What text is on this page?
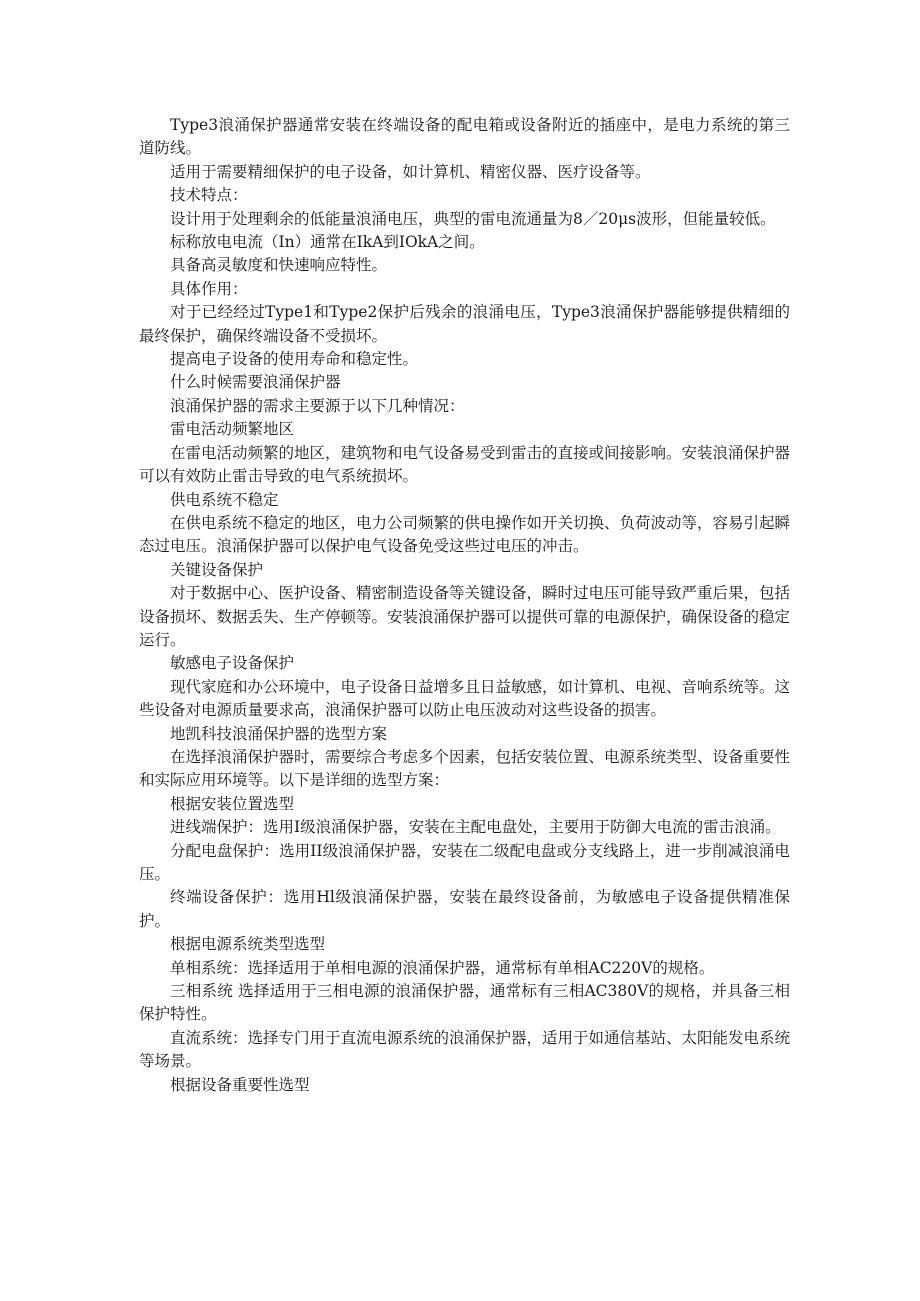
Type3浪涌保护器通常安装在终端设备的配电箱或设备附近的插座中，是电力系统的第三道防线。

适用于需要精细保护的电子设备，如计算机、精密仪器、医疗设备等。

技术特点：

设计用于处理剩余的低能量浪涌电压，典型的雷电流通量为8／20μs波形，但能量较低。

标称放电电流（In）通常在IkA到IOkA之间。

具备高灵敏度和快速响应特性。

具体作用：

对于已经经过Type1和Type2保护后残余的浪涌电压，Type3浪涌保护器能够提供精细的最终保护，确保终端设备不受损坏。

提高电子设备的使用寿命和稳定性。

什么时候需要浪涌保护器

浪涌保护器的需求主要源于以下几种情况：

雷电活动频繁地区

在雷电活动频繁的地区，建筑物和电气设备易受到雷击的直接或间接影响。安装浪涌保护器可以有效防止雷击导致的电气系统损坏。

供电系统不稳定

在供电系统不稳定的地区，电力公司频繁的供电操作如开关切换、负荷波动等，容易引起瞬态过电压。浪涌保护器可以保护电气设备免受这些过电压的冲击。

关键设备保护

对于数据中心、医护设备、精密制造设备等关键设备，瞬时过电压可能导致严重后果，包括设备损坏、数据丢失、生产停顿等。安装浪涌保护器可以提供可靠的电源保护，确保设备的稳定运行。

敏感电子设备保护

现代家庭和办公环境中，电子设备日益增多且日益敏感，如计算机、电视、音响系统等。这些设备对电源质量要求高，浪涌保护器可以防止电压波动对这些设备的损害。

地凯科技浪涌保护器的选型方案

在选择浪涌保护器时，需要综合考虑多个因素，包括安装位置、电源系统类型、设备重要性和实际应用环境等。以下是详细的选型方案：

根据安装位置选型

进线端保护：选用I级浪涌保护器，安装在主配电盘处，主要用于防御大电流的雷击浪涌。

分配电盘保护：选用II级浪涌保护器，安装在二级配电盘或分支线路上，进一步削减浪涌电压。

终端设备保护：选用Hl级浪涌保护器，安装在最终设备前，为敏感电子设备提供精准保护。

根据电源系统类型选型

单相系统：选择适用于单相电源的浪涌保护器，通常标有单相AC220V的规格。

三相系统 选择适用于三相电源的浪涌保护器，通常标有三相AC380V的规格，并具备三相保护特性。

直流系统：选择专门用于直流电源系统的浪涌保护器，适用于如通信基站、太阳能发电系统等场景。

根据设备重要性选型
